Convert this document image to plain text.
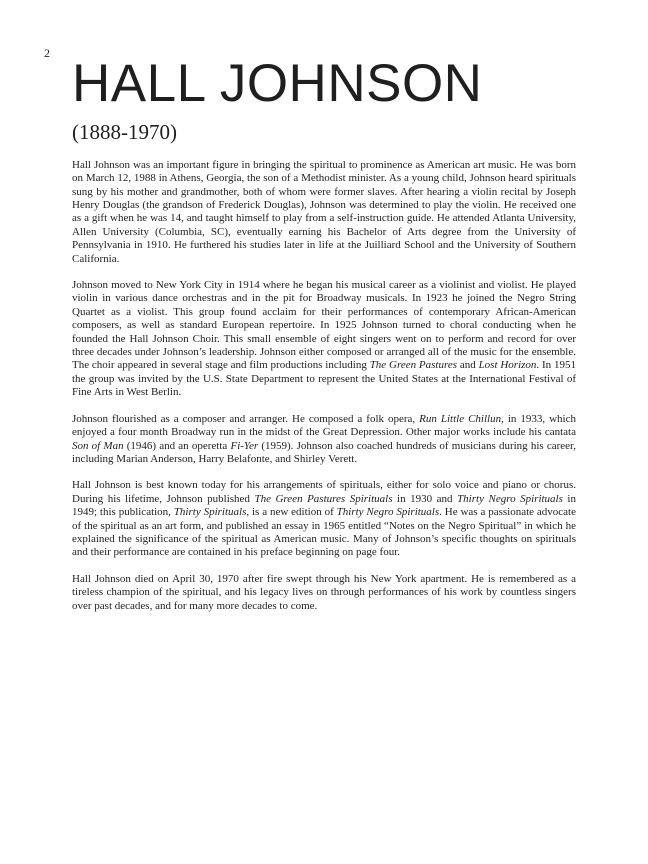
2
HALL JOHNSON
(1888-1970)

Hall Johnson was an important figure in bringing the spiritual to prominence as American art music. He was born on March 12, 1988 in Athens, Georgia, the son of a Methodist minister. As a young child, Johnson heard spirituals sung by his mother and grandmother, both of whom were former slaves. After hearing a violin recital by Joseph Henry Douglas (the grandson of Frederick Douglas), Johnson was determined to play the violin. He received one as a gift when he was 14, and taught himself to play from a self-instruction guide. He attended Atlanta University, Allen University (Columbia, SC), eventually earning his Bachelor of Arts degree from the University of Pennsylvania in 1910. He furthered his studies later in life at the Juilliard School and the University of Southern California.

Johnson moved to New York City in 1914 where he began his musical career as a violinist and violist. He played violin in various dance orchestras and in the pit for Broadway musicals. In 1923 he joined the Negro String Quartet as a violist. This group found acclaim for their performances of contemporary African-American composers, as well as standard European repertoire. In 1925 Johnson turned to choral conducting when he founded the Hall Johnson Choir. This small ensemble of eight singers went on to perform and record for over three decades under Johnson’s leadership. Johnson either composed or arranged all of the music for the ensemble. The choir appeared in several stage and film productions including The Green Pastures and Lost Horizon. In 1951 the group was invited by the U.S. State Department to represent the United States at the International Festival of Fine Arts in West Berlin.

Johnson flourished as a composer and arranger. He composed a folk opera, Run Little Chillun, in 1933, which enjoyed a four month Broadway run in the midst of the Great Depression. Other major works include his cantata Son of Man (1946) and an operetta Fi-Yer (1959). Johnson also coached hundreds of musicians during his career, including Marian Anderson, Harry Belafonte, and Shirley Verett.

Hall Johnson is best known today for his arrangements of spirituals, either for solo voice and piano or chorus. During his lifetime, Johnson published The Green Pastures Spirituals in 1930 and Thirty Negro Spirituals in 1949; this publication, Thirty Spirituals, is a new edition of Thirty Negro Spirituals. He was a passionate advocate of the spiritual as an art form, and published an essay in 1965 entitled “Notes on the Negro Spiritual” in which he explained the significance of the spiritual as American music. Many of Johnson’s specific thoughts on spirituals and their performance are contained in his preface beginning on page four.

Hall Johnson died on April 30, 1970 after fire swept through his New York apartment. He is remembered as a tireless champion of the spiritual, and his legacy lives on through performances of his work by countless singers over past decades, and for many more decades to come.
